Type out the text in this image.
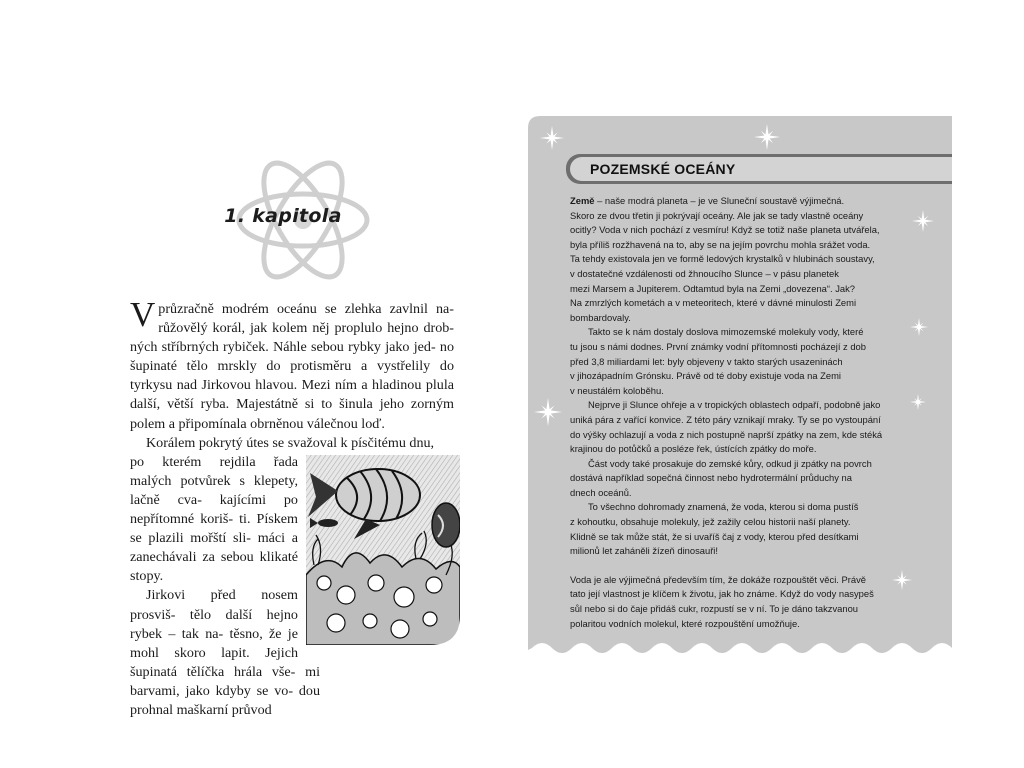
1. kapitola

Vprůzračně modrém oceánu se zlehka zavlnil na- růžovělý korál, jak kolem něj proplulo hejno drob- ných stříbrných rybiček. Náhle sebou rybky jako jed- no šupinaté tělo mrskly do protisměru a vystřelily do tyrkysu nad Jirkovou hlavou. Mezi ním a hladinou plula další, větší ryba. Majestátně si to šinula jeho zorným polem a připomínala obrněnou válečnou loď.

Korálem pokrytý útes se svažoval k písčitému dnu,

po kterém rejdila řada malých potvůrek s klepety, lačně cva- kajícími po nepřítomné koriš- ti. Pískem se plazili mořští sli- máci a zanechávali za sebou klikaté stopy.

Jirkovi před nosem prosviš- tělo další hejno rybek – tak na- těsno, že je mohl skoro lapit. Jejich šupinatá tělíčka hrála vše- mi barvami, jako kdyby se vo- dou prohnal maškarní průvod

POZEMSKÉ OCEÁNY

Země – naše modrá planeta – je ve Sluneční soustavě výjimečná.
Skoro ze dvou třetin ji pokrývají oceány. Ale jak se tady vlastně oceány
ocitly? Voda v nich pochází z vesmíru! Když se totiž naše planeta utvářela,
byla příliš rozžhavená na to, aby se na jejím povrchu mohla srážet voda.
Ta tehdy existovala jen ve formě ledových krystalků v hlubinách soustavy,
v dostatečné vzdálenosti od žhnoucího Slunce – v pásu planetek
mezi Marsem a Jupiterem. Odtamtud byla na Zemi „dovezena“. Jak?
Na zmrzlých kometách a v meteoritech, které v dávné minulosti Zemi
bombardovaly.

Takto se k nám dostaly doslova mimozemské molekuly vody, které
tu jsou s námi dodnes. První známky vodní přítomnosti pocházejí z dob
před 3,8 miliardami let: byly objeveny v takto starých usazeninách
v jihozápadním Grónsku. Právě od té doby existuje voda na Zemi
v neustálém koloběhu.

Nejprve ji Slunce ohřeje a v tropických oblastech odpaří, podobně jako
uniká pára z vařící konvice. Z této páry vznikají mraky. Ty se po vystoupání
do výšky ochlazují a voda z nich postupně naprší zpátky na zem, kde stéká
krajinou do potůčků a posléze řek, ústících zpátky do moře.

Část vody také prosakuje do zemské kůry, odkud ji zpátky na povrch
dostává například sopečná činnost nebo hydrotermální průduchy na
dnech oceánů.

To všechno dohromady znamená, že voda, kterou si doma pustíš
z kohoutku, obsahuje molekuly, jež zažily celou historii naší planety.
Klidně se tak může stát, že si uvaříš čaj z vody, kterou před desítkami
milionů let zaháněli žízeň dinosauři!

Voda je ale výjimečná především tím, že dokáže rozpouštět věci. Právě
tato její vlastnost je klíčem k životu, jak ho známe. Když do vody nasypeš
sůl nebo si do čaje přidáš cukr, rozpustí se v ní. To je dáno takzvanou
polaritou vodních molekul, které rozpouštění umožňuje.
